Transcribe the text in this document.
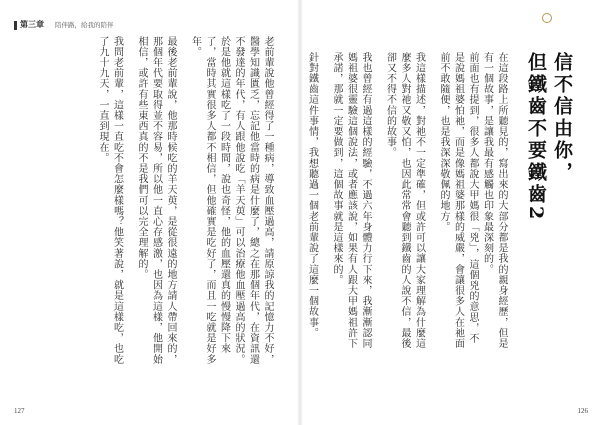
第三章 陪伴路，給我的陪伴

老前輩說他曾經得了一種病，導致血壓過高，請原諒我的記憶力不好，醫學知識匱乏，忘記他當時的病是什麼了，總之在那個年代，在資訊還不發達的年代，有人跟他說吃「羊天萸」可以治療他血壓過高的狀況。

於是他就這樣吃了一段時間，說也奇怪，他的血壓還真的慢慢降下來了，當時其實很多人都不相信，但他確實是吃好了，而且一吃就是好多年。

最後老前輩說，他那時候吃的羊天萸，是從很遠的地方請人帶回來的，那個年代要取得並不容易，所以他一直心存感激，也因為這樣，他開始相信，或許有些東西真的不是我們可以完全理解的。

我問老前輩，這樣一直吃不會怎麼樣嗎？他笑著說，就是這樣吃，也吃了九十九天，一直到現在。

127
信不信由你，
但鐵齒不要鐵齒2

在這段路上所聽見的，寫出來的大部分都是我的親身經歷，但是有一個故事，是讓我最有感觸也印象最深刻的。

前面也有提到，很多人都說大甲媽很「兇」，這個兇的意思，不是說媽祖婆怕祂，而是像媽祖婆那樣的威嚴，會讓很多人在祂面前不敢隨便，也是我深深敬佩的地方。

我這樣描述，對祂不一定準確，但或許可以讓大家理解為什麼這麼多人對祂又敬又怕，也因此常常會聽到鐵齒的人說不信，最後卻又不得不信的故事。

我也曾經有過這樣的經驗，不過六年身體力行下來，我漸漸認同媽祖婆很靈驗這個說法，或者應該說，如果有人跟大甲媽祖許下承諾，那就一定要做到，這個故事就是這樣來的。

針對鐵齒這件事情，我想聽過一個老前輩說了這麼一個故事。

126
